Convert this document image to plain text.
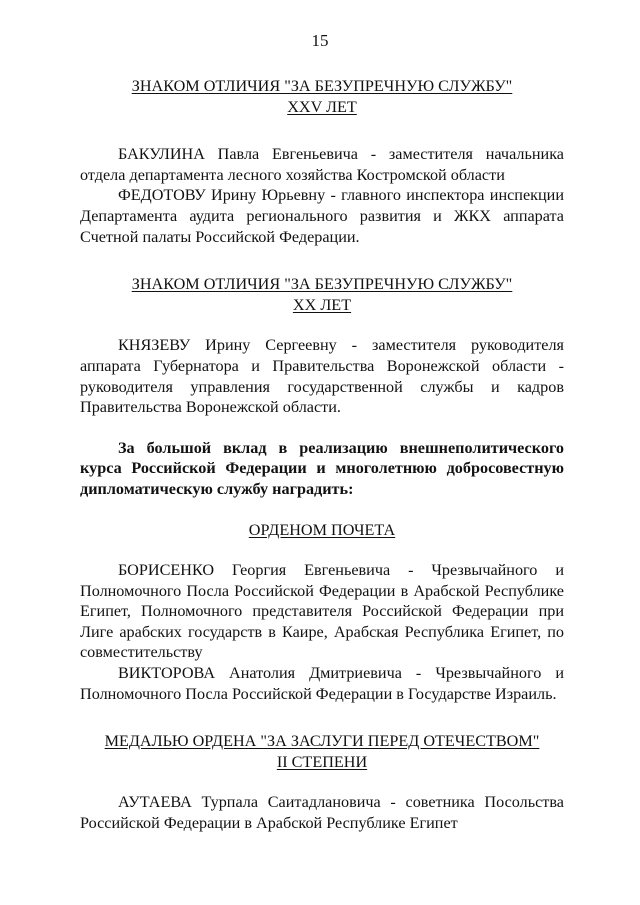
15
ЗНАКОМ ОТЛИЧИЯ "ЗА БЕЗУПРЕЧНУЮ СЛУЖБУ"
XXV ЛЕТ

БАКУЛИНА Павла Евгеньевича - заместителя начальника отдела департамента лесного хозяйства Костромской области

ФЕДОТОВУ Ирину Юрьевну - главного инспектора инспекции Департамента аудита регионального развития и ЖКХ аппарата Счетной палаты Российской Федерации.

ЗНАКОМ ОТЛИЧИЯ "ЗА БЕЗУПРЕЧНУЮ СЛУЖБУ"
XX ЛЕТ

КНЯЗЕВУ Ирину Сергеевну - заместителя руководителя аппарата Губернатора и Правительства Воронежской области - руководителя управления государственной службы и кадров Правительства Воронежской области.

За большой вклад в реализацию внешнеполитического курса Российской Федерации и многолетнюю добросовестную дипломатическую службу наградить:

ОРДЕНОМ ПОЧЕТА

БОРИСЕНКО Георгия Евгеньевича - Чрезвычайного и Полномочного Посла Российской Федерации в Арабской Республике Египет, Полномочного представителя Российской Федерации при Лиге арабских государств в Каире, Арабская Республика Египет, по совместительству

ВИКТОРОВА Анатолия Дмитриевича - Чрезвычайного и Полномочного Посла Российской Федерации в Государстве Израиль.

МЕДАЛЬЮ ОРДЕНА "ЗА ЗАСЛУГИ ПЕРЕД ОТЕЧЕСТВОМ"
II СТЕПЕНИ

АУТАЕВА Турпала Саитадлановича - советника Посольства Российской Федерации в Арабской Республике Египет
